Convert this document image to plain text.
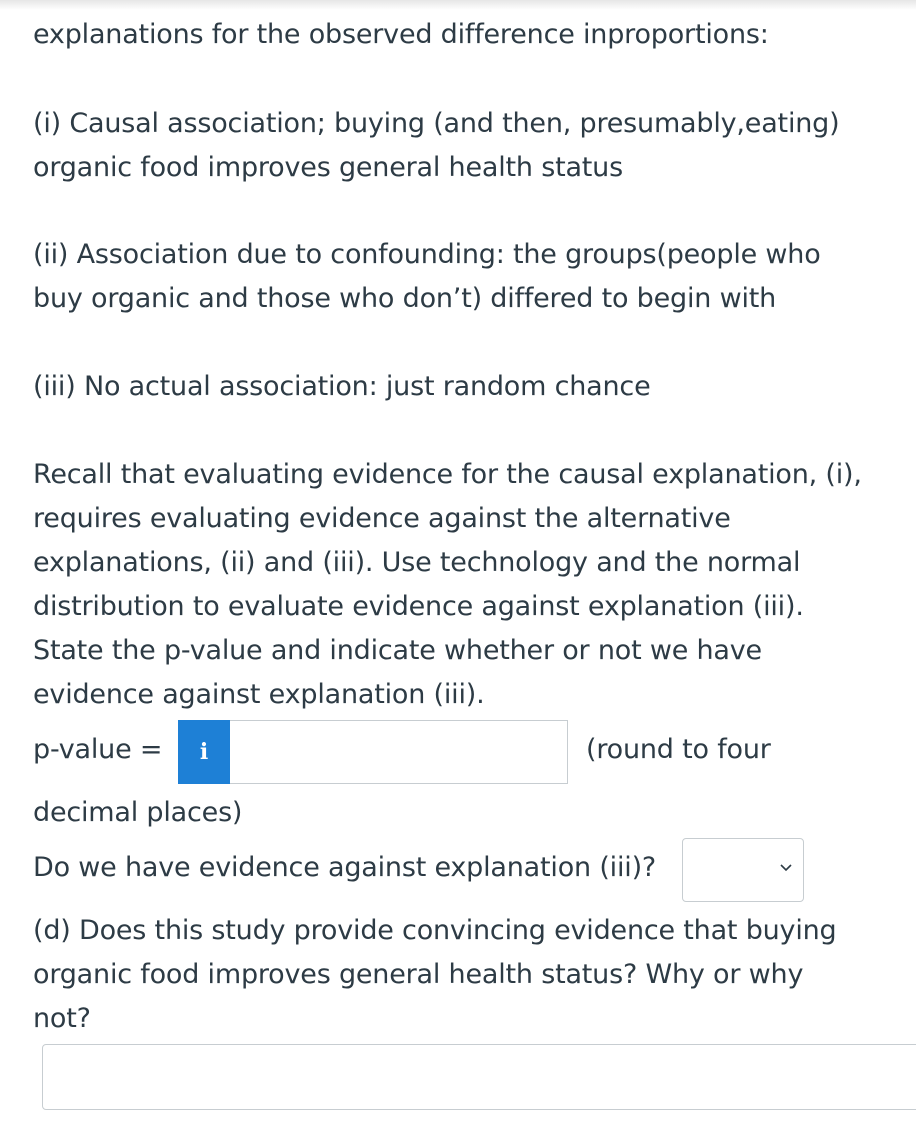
explanations for the observed difference inproportions:

(i) Causal association; buying (and then, presumably,eating)
organic food improves general health status

(ii) Association due to confounding: the groups(people who
buy organic and those who don’t) differed to begin with

(iii) No actual association: just random chance

Recall that evaluating evidence for the causal explanation, (i),
requires evaluating evidence against the alternative
explanations, (ii) and (iii). Use technology and the normal
distribution to evaluate evidence against explanation (iii).
State the p-value and indicate whether or not we have
evidence against explanation (iii).

p-value =	(round to four

decimal places)

Do we have evidence against explanation (iii)?

(d) Does this study provide convincing evidence that buying
organic food improves general health status? Why or why
not?

i
